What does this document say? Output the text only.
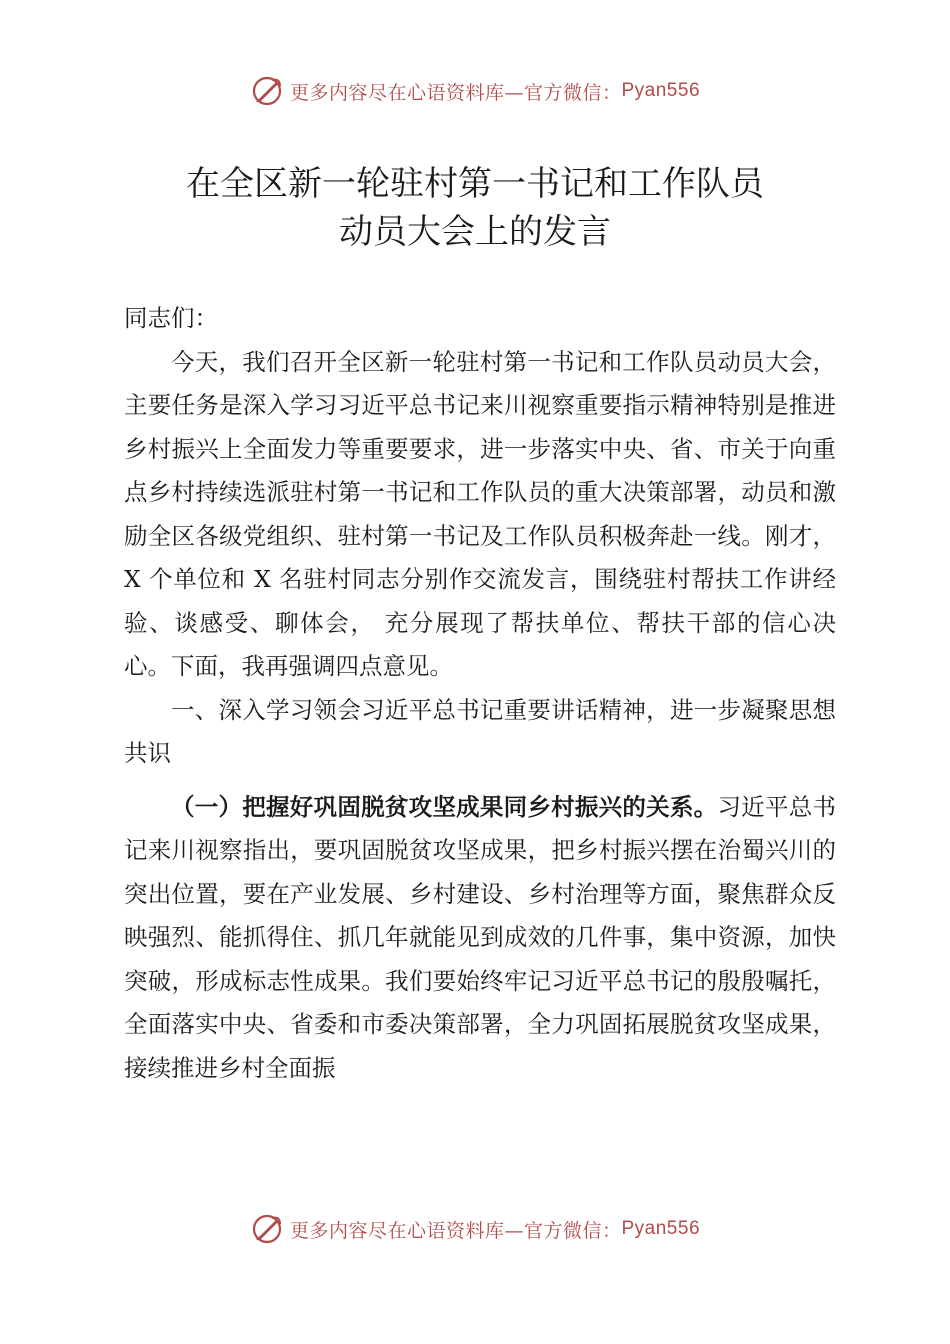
更多内容尽在心语资料库—官方微信： Pyan556
在全区新一轮驻村第一书记和工作队员
动员大会上的发言

同志们：

今天，我们召开全区新一轮驻村第一书记和工作队员动员大会，主要任务是深入学习习近平总书记来川视察重要指示精神特别是推进乡村振兴上全面发力等重要要求，进一步落实中央、省、市关于向重点乡村持续选派驻村第一书记和工作队员的重大决策部署，动员和激励全区各级党组织、驻村第一书记及工作队员积极奔赴一线。刚才，X 个单位和 X 名驻村同志分别作交流发言，围绕驻村帮扶工作讲经验、谈感受、聊体会， 充分展现了帮扶单位、帮扶干部的信心决心。下面，我再强调四点意见。

一、深入学习领会习近平总书记重要讲话精神，进一步凝聚思想共识

（一）把握好巩固脱贫攻坚成果同乡村振兴的关系。习近平总书记来川视察指出，要巩固脱贫攻坚成果，把乡村振兴摆在治蜀兴川的突出位置，要在产业发展、乡村建设、乡村治理等方面，聚焦群众反映强烈、能抓得住、抓几年就能见到成效的几件事，集中资源，加快突破，形成标志性成果。我们要始终牢记习近平总书记的殷殷嘱托，全面落实中央、省委和市委决策部署，全力巩固拓展脱贫攻坚成果，接续推进乡村全面振

更多内容尽在心语资料库—官方微信： Pyan556
